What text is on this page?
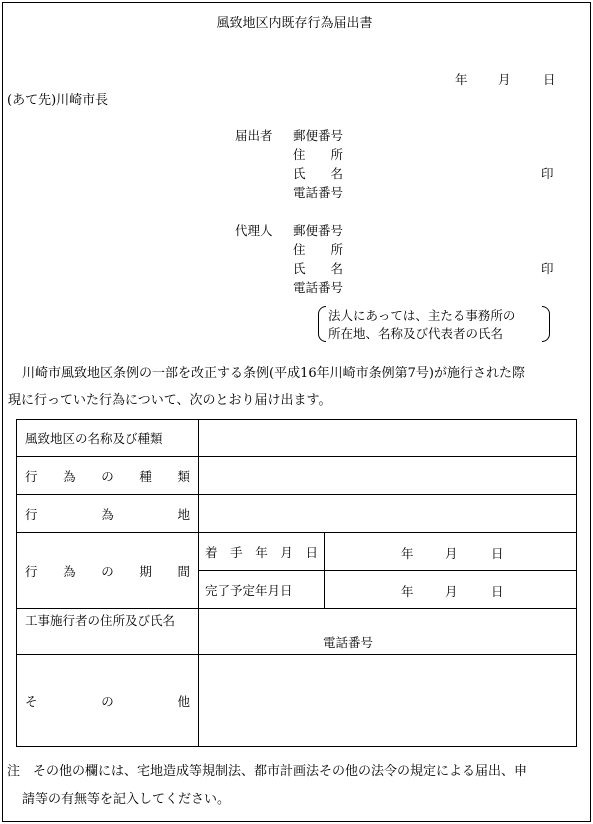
風致地区内既存行為届出書
年 月	日
(あて先)川崎市長
届出者 郵便番号
住　　所
氏　　名	印
電話番号
代理人 郵便番号
住　　所
氏　　名	印
電話番号
法人にあっては、主たる事務所の
所在地、名称及び代表者の氏名
川崎市風致地区条例の一部を改正する条例(平成16年川崎市条例第7号)が施行された際
現に行っていた行為について、次のとおり届け出ます。
風致地区の名称及び種類		

行 為 の 種 類		

行 為 地		

行 為 の 期 間	着 手 年 月 日	年 月 日

	完了予定年月日	年 月 日

工事施行者の住所及び氏名	電話番号	

そ の 他		

注　その他の欄には、宅地造成等規制法、都市計画法その他の法令の規定による届出、申
請等の有無等を記入してください。
